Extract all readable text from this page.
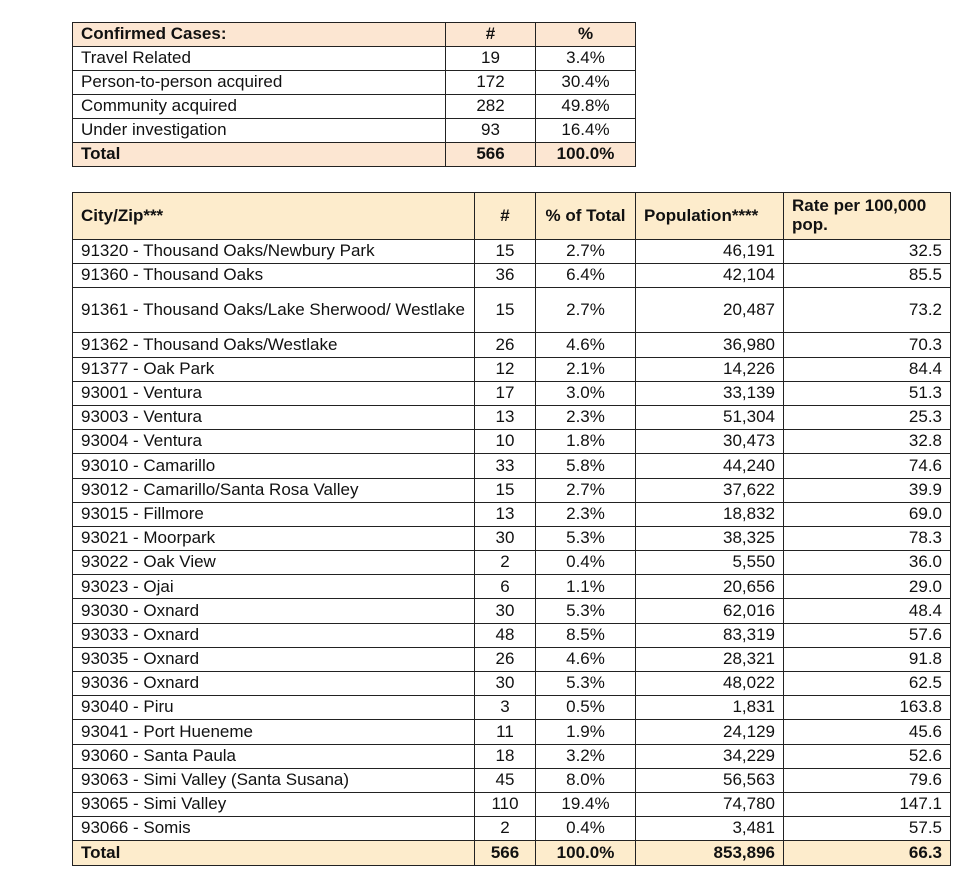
Confirmed Cases:	#	%
Travel Related	19	3.4%
Person-to-person acquired	172	30.4%
Community acquired	282	49.8%
Under investigation	93	16.4%
Total	566	100.0%
City/Zip***	#	% of Total	Population****	Rate per 100,000 pop.
91320 - Thousand Oaks/Newbury Park	15	2.7%	46,191	32.5
91360 - Thousand Oaks	36	6.4%	42,104	85.5
91361 - Thousand Oaks/Lake Sherwood/ Westlake	15	2.7%	20,487	73.2
91362 - Thousand Oaks/Westlake	26	4.6%	36,980	70.3
91377 - Oak Park	12	2.1%	14,226	84.4
93001 - Ventura	17	3.0%	33,139	51.3
93003 - Ventura	13	2.3%	51,304	25.3
93004 - Ventura	10	1.8%	30,473	32.8
93010 - Camarillo	33	5.8%	44,240	74.6
93012 - Camarillo/Santa Rosa Valley	15	2.7%	37,622	39.9
93015 - Fillmore	13	2.3%	18,832	69.0
93021 - Moorpark	30	5.3%	38,325	78.3
93022 - Oak View	2	0.4%	5,550	36.0
93023 - Ojai	6	1.1%	20,656	29.0
93030 - Oxnard	30	5.3%	62,016	48.4
93033 - Oxnard	48	8.5%	83,319	57.6
93035 - Oxnard	26	4.6%	28,321	91.8
93036 - Oxnard	30	5.3%	48,022	62.5
93040 - Piru	3	0.5%	1,831	163.8
93041 - Port Hueneme	11	1.9%	24,129	45.6
93060 - Santa Paula	18	3.2%	34,229	52.6
93063 - Simi Valley (Santa Susana)	45	8.0%	56,563	79.6
93065 - Simi Valley	110	19.4%	74,780	147.1
93066 - Somis	2	0.4%	3,481	57.5
Total	566	100.0%	853,896	66.3
